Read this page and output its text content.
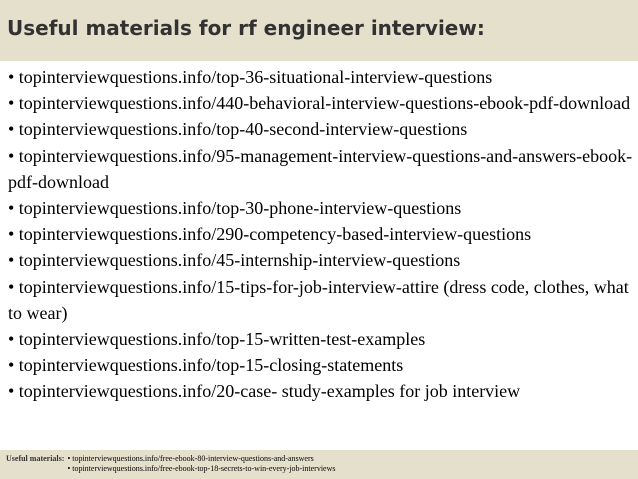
Useful materials for rf engineer interview:
• topinterviewquestions.info/top-36-situational-interview-questions
• topinterviewquestions.info/440-behavioral-interview-questions-ebook-pdf-download
• topinterviewquestions.info/top-40-second-interview-questions
• topinterviewquestions.info/95-management-interview-questions-and-answers-ebook-pdf-download
• topinterviewquestions.info/top-30-phone-interview-questions
• topinterviewquestions.info/290-competency-based-interview-questions
• topinterviewquestions.info/45-internship-interview-questions
• topinterviewquestions.info/15-tips-for-job-interview-attire (dress code, clothes, what to wear)
• topinterviewquestions.info/top-15-written-test-examples
• topinterviewquestions.info/top-15-closing-statements
• topinterviewquestions.info/20-case- study-examples for job interview
Useful materials: • topinterviewquestions.info/free-ebook-80-interview-questions-and-answers
• topinterviewquestions.info/free-ebook-top-18-secrets-to-win-every-job-interviews
